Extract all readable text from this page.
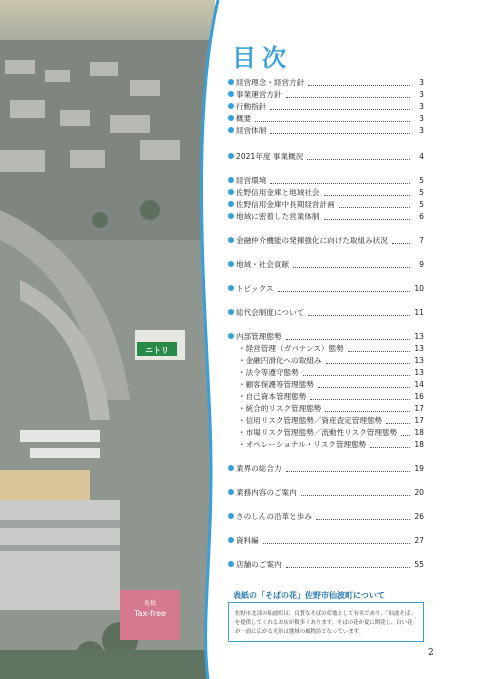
ニトリ
免税
Tax-free
目次
経営理念・経営方針	3
事業運営方針	3
行動指針	3
概要	3
経営体制	3
2021年度 事業概況	4
経営環境	5
佐野信用金庫と地域社会	5
佐野信用金庫中長期経営計画	5
地域に密着した営業体制	6
金融仲介機能の発揮強化に向けた取組み状況	7
地域・社会貢献	9
トピックス	10
総代会制度について	11
内部管理態勢	13
・経営管理（ガバナンス）態勢	13
・金融円滑化への取組み	13
・法令等遵守態勢	13
・顧客保護等管理態勢	14
・自己資本管理態勢	16
・統合的リスク管理態勢	17
・信用リスク管理態勢／資産査定管理態勢	17
・市場リスク管理態勢／流動性リスク管理態勢 18
・オペレーショナル・リスク管理態勢	18
業界の総合力	19
業務内容のご案内	20
さのしんの沿革と歩み	26
資料編	27
店舗のご案内	55
佐野市北部の仙波町は、良質なそばの産地として有名であり、「仙波そば」を提供してくれるお店が数多くあります。そばの花が夏に開花し、白い花が一面に広がる光景は地域の風物詩となっています。
表紙の「そばの花」佐野市仙波町について
2
